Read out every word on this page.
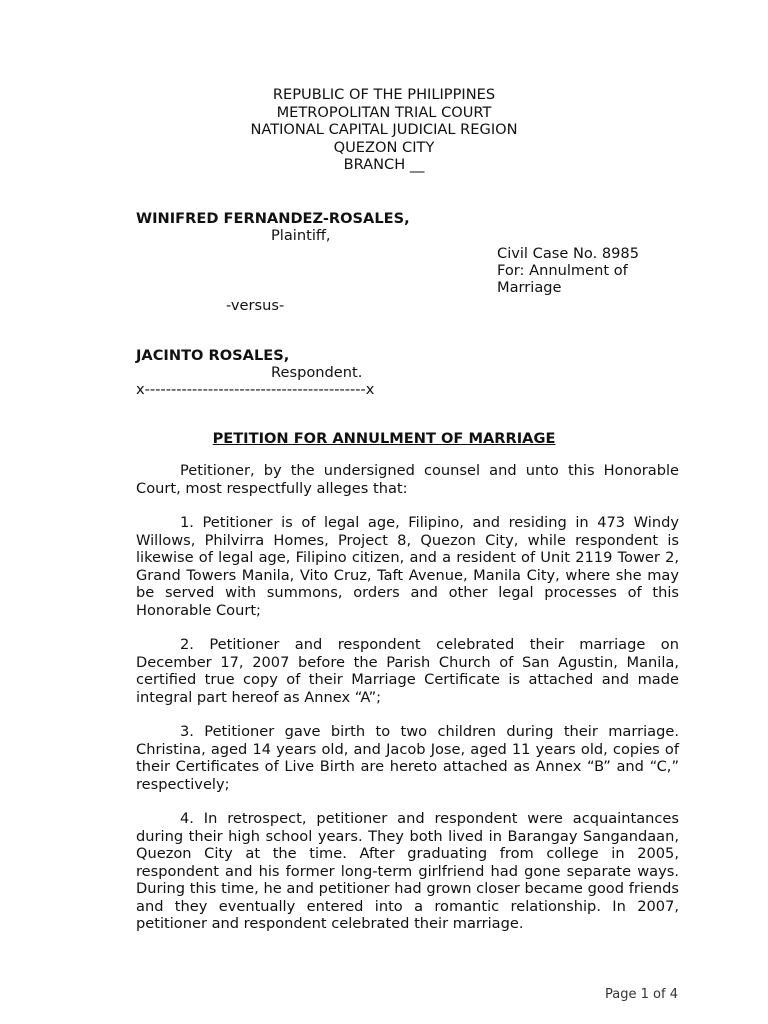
REPUBLIC OF THE PHILIPPINES
METROPOLITAN TRIAL COURT
NATIONAL CAPITAL JUDICIAL REGION
QUEZON CITY
BRANCH __
WINIFRED FERNANDEZ-ROSALES,
Plaintiff,
Civil Case No. 8985
For: Annulment of
Marriage
-versus-
JACINTO ROSALES,
Respondent.
x------------------------------------------x
PETITION FOR ANNULMENT OF MARRIAGE

Petitioner, by the undersigned counsel and unto this Honorable Court, most respectfully alleges that:

1. Petitioner is of legal age, Filipino, and residing in 473 Windy Willows, Philvirra Homes, Project 8, Quezon City, while respondent is likewise of legal age, Filipino citizen, and a resident of Unit 2119 Tower 2, Grand Towers Manila, Vito Cruz, Taft Avenue, Manila City, where she may be served with summons, orders and other legal processes of this Honorable Court;

2. Petitioner and respondent celebrated their marriage on December 17, 2007 before the Parish Church of San Agustin, Manila, certified true copy of their Marriage Certificate is attached and made integral part hereof as Annex “A”;

3. Petitioner gave birth to two children during their marriage. Christina, aged 14 years old, and Jacob Jose, aged 11 years old, copies of their Certificates of Live Birth are hereto attached as Annex “B” and “C,” respectively;

4. In retrospect, petitioner and respondent were acquaintances during their high school years. They both lived in Barangay Sangandaan, Quezon City at the time. After graduating from college in 2005, respondent and his former long-term girlfriend had gone separate ways. During this time, he and petitioner had grown closer became good friends and they eventually entered into a romantic relationship. In 2007, petitioner and respondent celebrated their marriage.

Page 1 of 4
